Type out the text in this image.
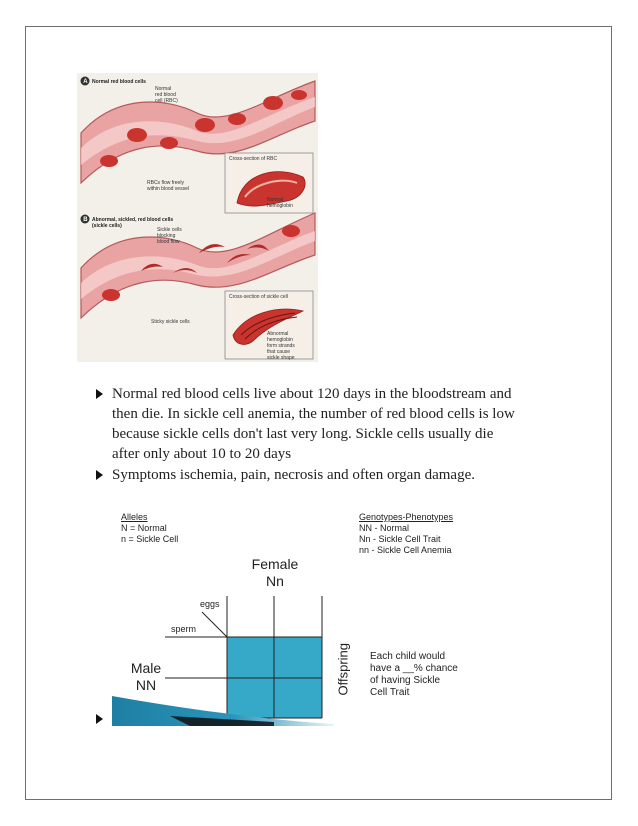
A Normal red blood cells
Normal
red blood
cell (RBC)
RBCs flow freely
within blood vessel
Cross-section of RBC
Normal
hemoglobin
B Abnormal, sickled, red blood cells
(sickle cells)
Sickle cells
blocking
blood flow
Sticky sickle cells
Cross-section of sickle cell
Abnormal
hemoglobin
form strands
that cause
sickle shape
Normal red blood cells live about 120 days in the bloodstream and
then die. In sickle cell anemia, the number of red blood cells is low
because sickle cells don't last very long. Sickle cells usually die
after only about 10 to 20 days
Symptoms ischemia, pain, necrosis and often organ damage.
Alleles
N = Normal
n = Sickle Cell
Genotypes-Phenotypes
NN - Normal
Nn - Sickle Cell Trait
nn - Sickle Cell Anemia
Female
Nn
eggs
sperm
Male
NN	Offspring Each child would
have a __% chance
of having Sickle
Cell Trait
